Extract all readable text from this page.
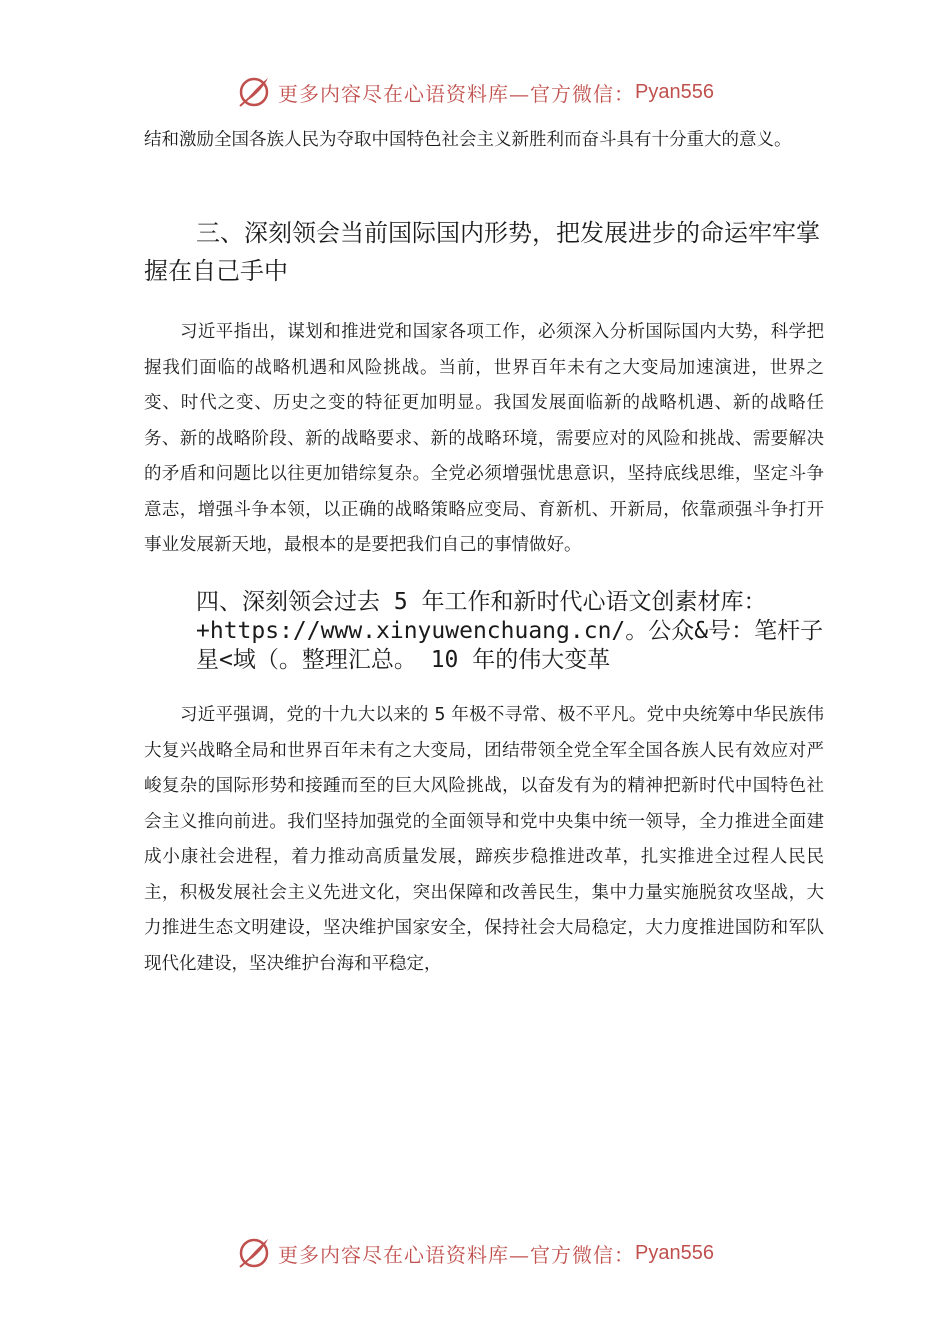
更多内容尽在心语资料库—官方微信： Pyan556

结和激励全国各族人民为夺取中国特色社会主义新胜利而奋斗具有十分重大的意义。

三、深刻领会当前国际国内形势，把发展进步的命运牢牢掌握在自己手中

习近平指出，谋划和推进党和国家各项工作，必须深入分析国际国内大势，科学把握我们面临的战略机遇和风险挑战。当前，世界百年未有之大变局加速演进，世界之变、时代之变、历史之变的特征更加明显。我国发展面临新的战略机遇、新的战略任务、新的战略阶段、新的战略要求、新的战略环境，需要应对的风险和挑战、需要解决的矛盾和问题比以往更加错综复杂。全党必须增强忧患意识，坚持底线思维，坚定斗争意志，增强斗争本领，以正确的战略策略应变局、育新机、开新局，依靠顽强斗争打开事业发展新天地，最根本的是要把我们自己的事情做好。

四、深刻领会过去 5 年工作和新时代心语文创素材库：+https://www.xinyuwenchuang.cn/。公众&号：笔杆子星<域（。整理汇总。 10 年的伟大变革

习近平强调，党的十九大以来的 5 年极不寻常、极不平凡。党中央统筹中华民族伟大复兴战略全局和世界百年未有之大变局，团结带领全党全军全国各族人民有效应对严峻复杂的国际形势和接踵而至的巨大风险挑战，以奋发有为的精神把新时代中国特色社会主义推向前进。我们坚持加强党的全面领导和党中央集中统一领导，全力推进全面建成小康社会进程，着力推动高质量发展，蹄疾步稳推进改革，扎实推进全过程人民民主，积极发展社会主义先进文化，突出保障和改善民生，集中力量实施脱贫攻坚战，大力推进生态文明建设，坚决维护国家安全，保持社会大局稳定，大力度推进国防和军队现代化建设，坚决维护台海和平稳定，

更多内容尽在心语资料库—官方微信： Pyan556
